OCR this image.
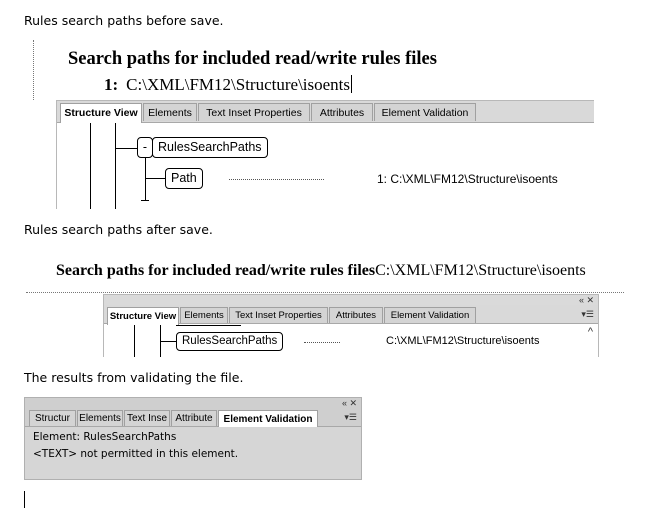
Rules search paths before save.
Search paths for included read/write rules files
1: C:\XML\FM12\Structure\isoents
Structure View Elements	Text Inset Properties	Attributes	Element Validation
- RulesSearchPaths
Path	1: C:\XML\FM12\Structure\isoents
Rules search paths after save.
Search paths for included read/write rules filesC:\XML\FM12\Structure\isoents
« ✕
Structure View Elements	Text Inset Properties	Attributes	Element Validation	▾☰
RulesSearchPaths	C:\XML\FM12\Structure\isoents
^
The results from validating the file.
« ✕
Structur Elements Text Inse Attribute	Element Validation	▾☰
Element: RulesSearchPaths
<TEXT> not permitted in this element.
